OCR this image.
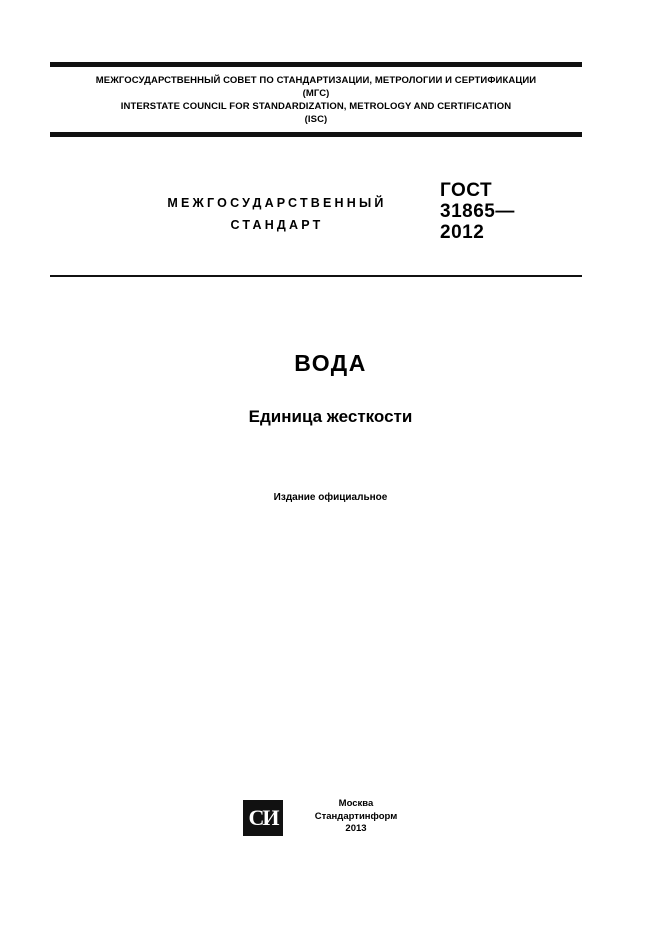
МЕЖГОСУДАРСТВЕННЫЙ СОВЕТ ПО СТАНДАРТИЗАЦИИ, МЕТРОЛОГИИ И СЕРТИФИКАЦИИ
(МГС)
INTERSTATE COUNCIL FOR STANDARDIZATION, METROLOGY AND CERTIFICATION
(ISC)
МЕЖГОСУДАРСТВЕННЫЙ
СТАНДАРТ
ГОСТ
31865—
2012
ВОДА
Единица жесткости
Издание официальное
СИ
Москва
Стандартинформ
2013
